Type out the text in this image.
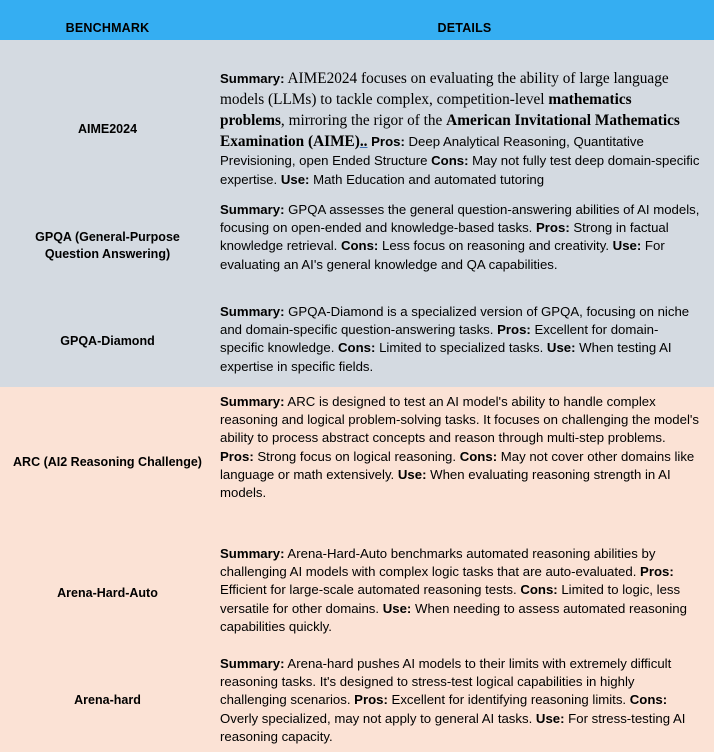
BENCHMARK	DETAILS
AIME2024	Summary: AIME2024 focuses on evaluating the ability of large language models (LLMs) to tackle complex, competition-level mathematics problems, mirroring the rigor of the American Invitational Mathematics Examination (AIME).. Pros: Deep Analytical Reasoning, Quantitative Previsioning, open Ended Structure Cons: May not fully test deep domain-specific expertise. Use: Math Education and automated tutoring
GPQA (General-Purpose Question Answering)	Summary: GPQA assesses the general question-answering abilities of AI models, focusing on open-ended and knowledge-based tasks. Pros: Strong in factual knowledge retrieval. Cons: Less focus on reasoning and creativity. Use: For evaluating an AI's general knowledge and QA capabilities.
GPQA-Diamond	Summary: GPQA-Diamond is a specialized version of GPQA, focusing on niche and domain-specific question-answering tasks. Pros: Excellent for domain-specific knowledge. Cons: Limited to specialized tasks. Use: When testing AI expertise in specific fields.
ARC (AI2 Reasoning Challenge)	Summary: ARC is designed to test an AI model's ability to handle complex reasoning and logical problem-solving tasks. It focuses on challenging the model's ability to process abstract concepts and reason through multi-step problems. Pros: Strong focus on logical reasoning. Cons: May not cover other domains like language or math extensively. Use: When evaluating reasoning strength in AI models.
Arena-Hard-Auto	Summary: Arena-Hard-Auto benchmarks automated reasoning abilities by challenging AI models with complex logic tasks that are auto-evaluated. Pros: Efficient for large-scale automated reasoning tests. Cons: Limited to logic, less versatile for other domains. Use: When needing to assess automated reasoning capabilities quickly.
Arena-hard	Summary: Arena-hard pushes AI models to their limits with extremely difficult reasoning tasks. It's designed to stress-test logical capabilities in highly challenging scenarios. Pros: Excellent for identifying reasoning limits. Cons: Overly specialized, may not apply to general AI tasks. Use: For stress-testing AI reasoning capacity.
